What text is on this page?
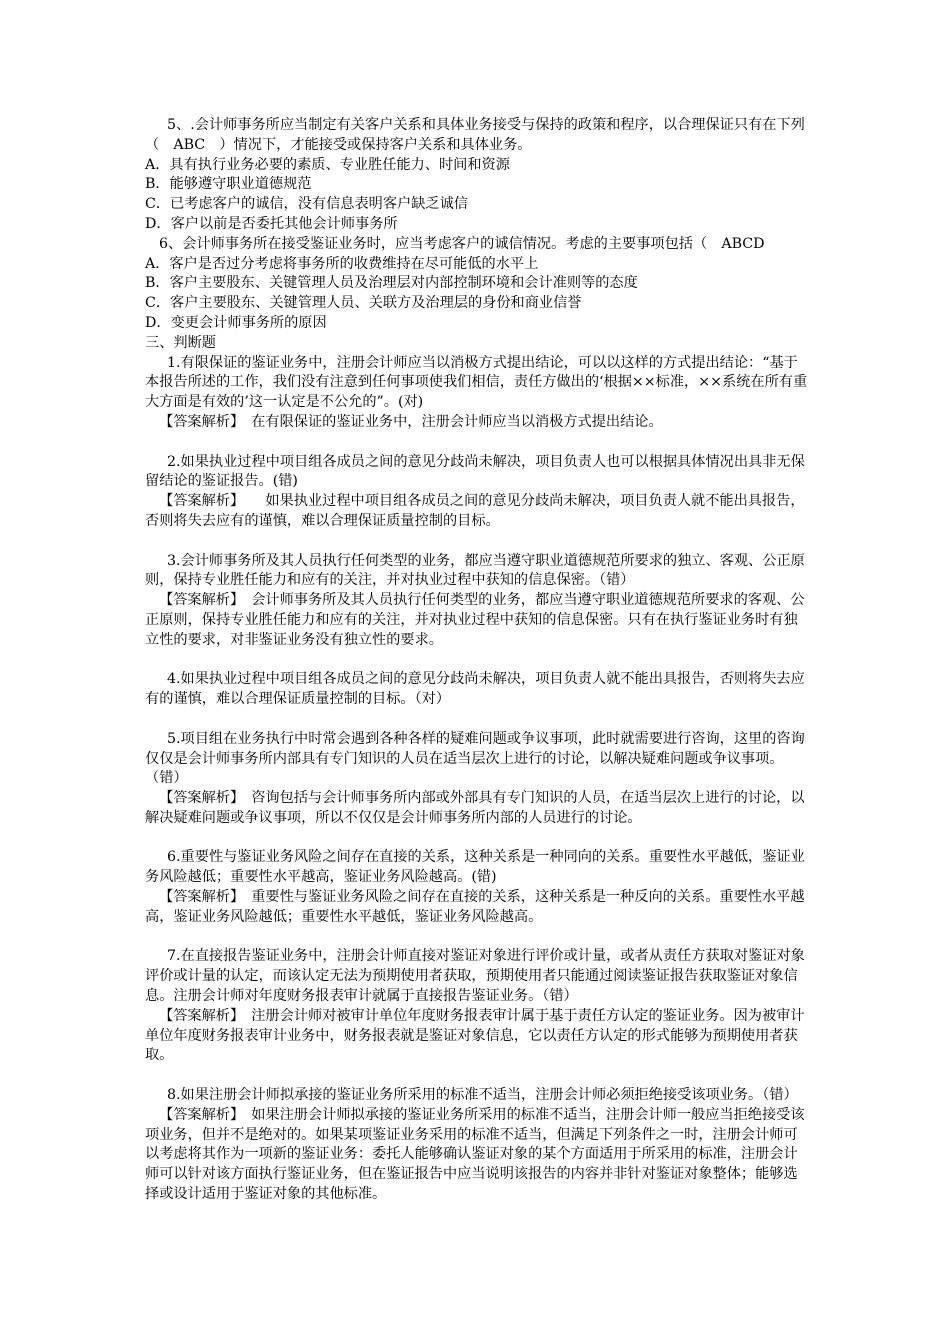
5、.会计师事务所应当制定有关客户关系和具体业务接受与保持的政策和程序，以合理保证只有在下列（　ABC　）情况下，才能接受或保持客户关系和具体业务。

A．具有执行业务必要的素质、专业胜任能力、时间和资源

B．能够遵守职业道德规范

C．已考虑客户的诚信，没有信息表明客户缺乏诚信

D．客户以前是否委托其他会计师事务所

6、会计师事务所在接受鉴证业务时，应当考虑客户的诚信情况。考虑的主要事项包括（　ABCD

A．客户是否过分考虑将事务所的收费维持在尽可能低的水平上

B．客户主要股东、关键管理人员及治理层对内部控制环境和会计准则等的态度

C．客户主要股东、关键管理人员、关联方及治理层的身份和商业信誉

D．变更会计师事务所的原因

三、判断题

1.有限保证的鉴证业务中，注册会计师应当以消极方式提出结论，可以以这样的方式提出结论：“基于本报告所述的工作，我们没有注意到任何事项使我们相信，责任方做出的‘根据××标准，××系统在所有重大方面是有效的’这一认定是不公允的”。(对)

【答案解析】　在有限保证的鉴证业务中，注册会计师应当以消极方式提出结论。

2.如果执业过程中项目组各成员之间的意见分歧尚未解决，项目负责人也可以根据具体情况出具非无保留结论的鉴证报告。(错)

【答案解析】　　如果执业过程中项目组各成员之间的意见分歧尚未解决，项目负责人就不能出具报告，否则将失去应有的谨慎，难以合理保证质量控制的目标。

3.会计师事务所及其人员执行任何类型的业务，都应当遵守职业道德规范所要求的独立、客观、公正原则，保持专业胜任能力和应有的关注，并对执业过程中获知的信息保密。（错）

【答案解析】　会计师事务所及其人员执行任何类型的业务，都应当遵守职业道德规范所要求的客观、公正原则，保持专业胜任能力和应有的关注，并对执业过程中获知的信息保密。只有在执行鉴证业务时有独立性的要求，对非鉴证业务没有独立性的要求。

4.如果执业过程中项目组各成员之间的意见分歧尚未解决，项目负责人就不能出具报告，否则将失去应有的谨慎，难以合理保证质量控制的目标。（对）

5.项目组在业务执行中时常会遇到各种各样的疑难问题或争议事项，此时就需要进行咨询，这里的咨询仅仅是会计师事务所内部具有专门知识的人员在适当层次上进行的讨论，以解决疑难问题或争议事项。（错）

【答案解析】　咨询包括与会计师事务所内部或外部具有专门知识的人员，在适当层次上进行的讨论，以解决疑难问题或争议事项，所以不仅仅是会计师事务所内部的人员进行的讨论。

6.重要性与鉴证业务风险之间存在直接的关系，这种关系是一种同向的关系。重要性水平越低，鉴证业务风险越低；重要性水平越高，鉴证业务风险越高。(错)

【答案解析】　重要性与鉴证业务风险之间存在直接的关系，这种关系是一种反向的关系。重要性水平越高，鉴证业务风险越低；重要性水平越低，鉴证业务风险越高。

7.在直接报告鉴证业务中，注册会计师直接对鉴证对象进行评价或计量，或者从责任方获取对鉴证对象评价或计量的认定，而该认定无法为预期使用者获取，预期使用者只能通过阅读鉴证报告获取鉴证对象信息。注册会计师对年度财务报表审计就属于直接报告鉴证业务。（错）

【答案解析】　注册会计师对被审计单位年度财务报表审计属于基于责任方认定的鉴证业务。因为被审计单位年度财务报表审计业务中，财务报表就是鉴证对象信息，它以责任方认定的形式能够为预期使用者获取。

8.如果注册会计师拟承接的鉴证业务所采用的标准不适当，注册会计师必须拒绝接受该项业务。（错）

【答案解析】　如果注册会计师拟承接的鉴证业务所采用的标准不适当，注册会计师一般应当拒绝接受该项业务，但并不是绝对的。如果某项鉴证业务采用的标准不适当，但满足下列条件之一时，注册会计师可以考虑将其作为一项新的鉴证业务：委托人能够确认鉴证对象的某个方面适用于所采用的标准，注册会计师可以针对该方面执行鉴证业务，但在鉴证报告中应当说明该报告的内容并非针对鉴证对象整体；能够选择或设计适用于鉴证对象的其他标准。
